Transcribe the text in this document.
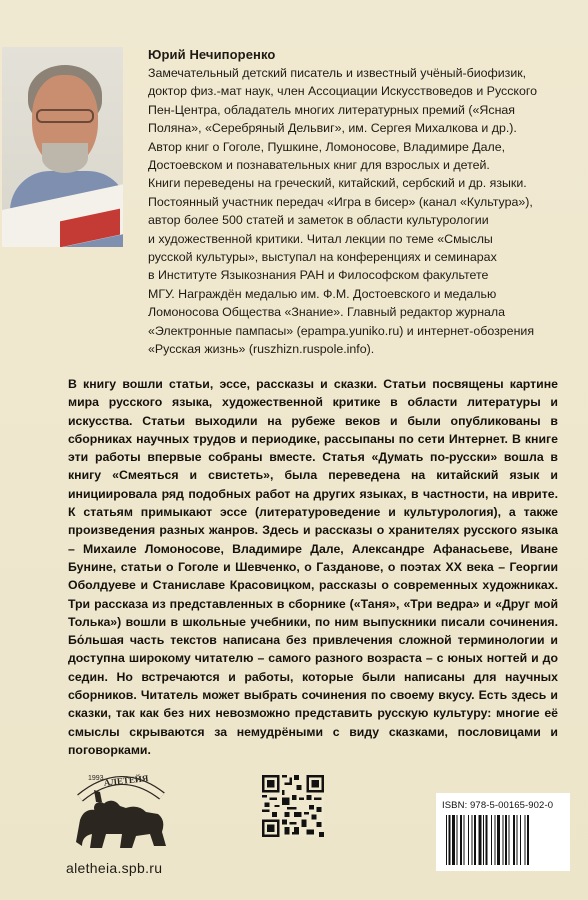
Юрий Нечипоренко
Замечательный детский писатель и известный учёный-биофизик,
доктор физ.-мат наук, член Ассоциации Искусствоведов и Русского
Пен-Центра, обладатель многих литературных премий («Ясная
Поляна», «Серебряный Дельвиг», им. Сергея Михалкова и др.).
Автор книг о Гоголе, Пушкине, Ломоносове, Владимире Дале,
Достоевском и познавательных книг для взрослых и детей.
Книги переведены на греческий, китайский, сербский и др. языки.
Постоянный участник передач «Игра в бисер» (канал «Культура»),
автор более 500 статей и заметок в области культурологии
и художественной критики. Читал лекции по теме «Смыслы
русской культуры», выступал на конференциях и семинарах
в Институте Языкознания РАН и Философском факультете
МГУ. Награждён медалью им. Ф.М. Достоевского и медалью
Ломоносова Общества «Знание». Главный редактор журнала
«Электронные пампасы» (epampa.yuniko.ru) и интернет-обозрения
«Русская жизнь» (ruszhizn.ruspole.info).

В книгу вошли статьи, эссе, рассказы и сказки. Статьи посвящены картине мира русского языка, художественной критике в области литературы и искусства. Статьи выходили на рубеже веков и были опубликованы в сборниках научных трудов и периодике, рассыпаны по сети Интернет. В книге эти работы впервые собраны вместе. Статья «Думать по-русски» вошла в книгу «Смеяться и свистеть», была переведена на китайский язык и инициировала ряд подобных работ на других языках, в частности, на иврите. К статьям примыкают эссе (литературоведение и культурология), а также произведения разных жанров. Здесь и рассказы о хранителях русского языка – Михаиле Ломоносове, Владимире Дале, Александре Афанасьеве, Иване Бунине, статьи о Гоголе и Шевченко, о Газданове, о поэтах XX века – Георгии Оболдуеве и Станиславе Красовицком, рассказы о современных художниках. Три рассказа из представленных в сборнике («Таня», «Три ведра» и «Друг мой Толька») вошли в школьные учебники, по ним выпускники писали сочинения. Бо́льшая часть текстов написана без привлечения сложной терминологии и доступна широкому читателю – самого разного возраста – с юных ногтей и до седин. Но встречаются и работы, которые были написаны для научных сборников. Читатель может выбрать сочинения по своему вкусу. Есть здесь и сказки, так как без них невозможно представить русскую культуру: многие её смыслы скрываются за немудрёными с виду сказками, пословицами и поговорками.

1993 АЛЕТЕЙЯ
aletheia.spb.ru
ISBN: 978-5-00165-902-0
